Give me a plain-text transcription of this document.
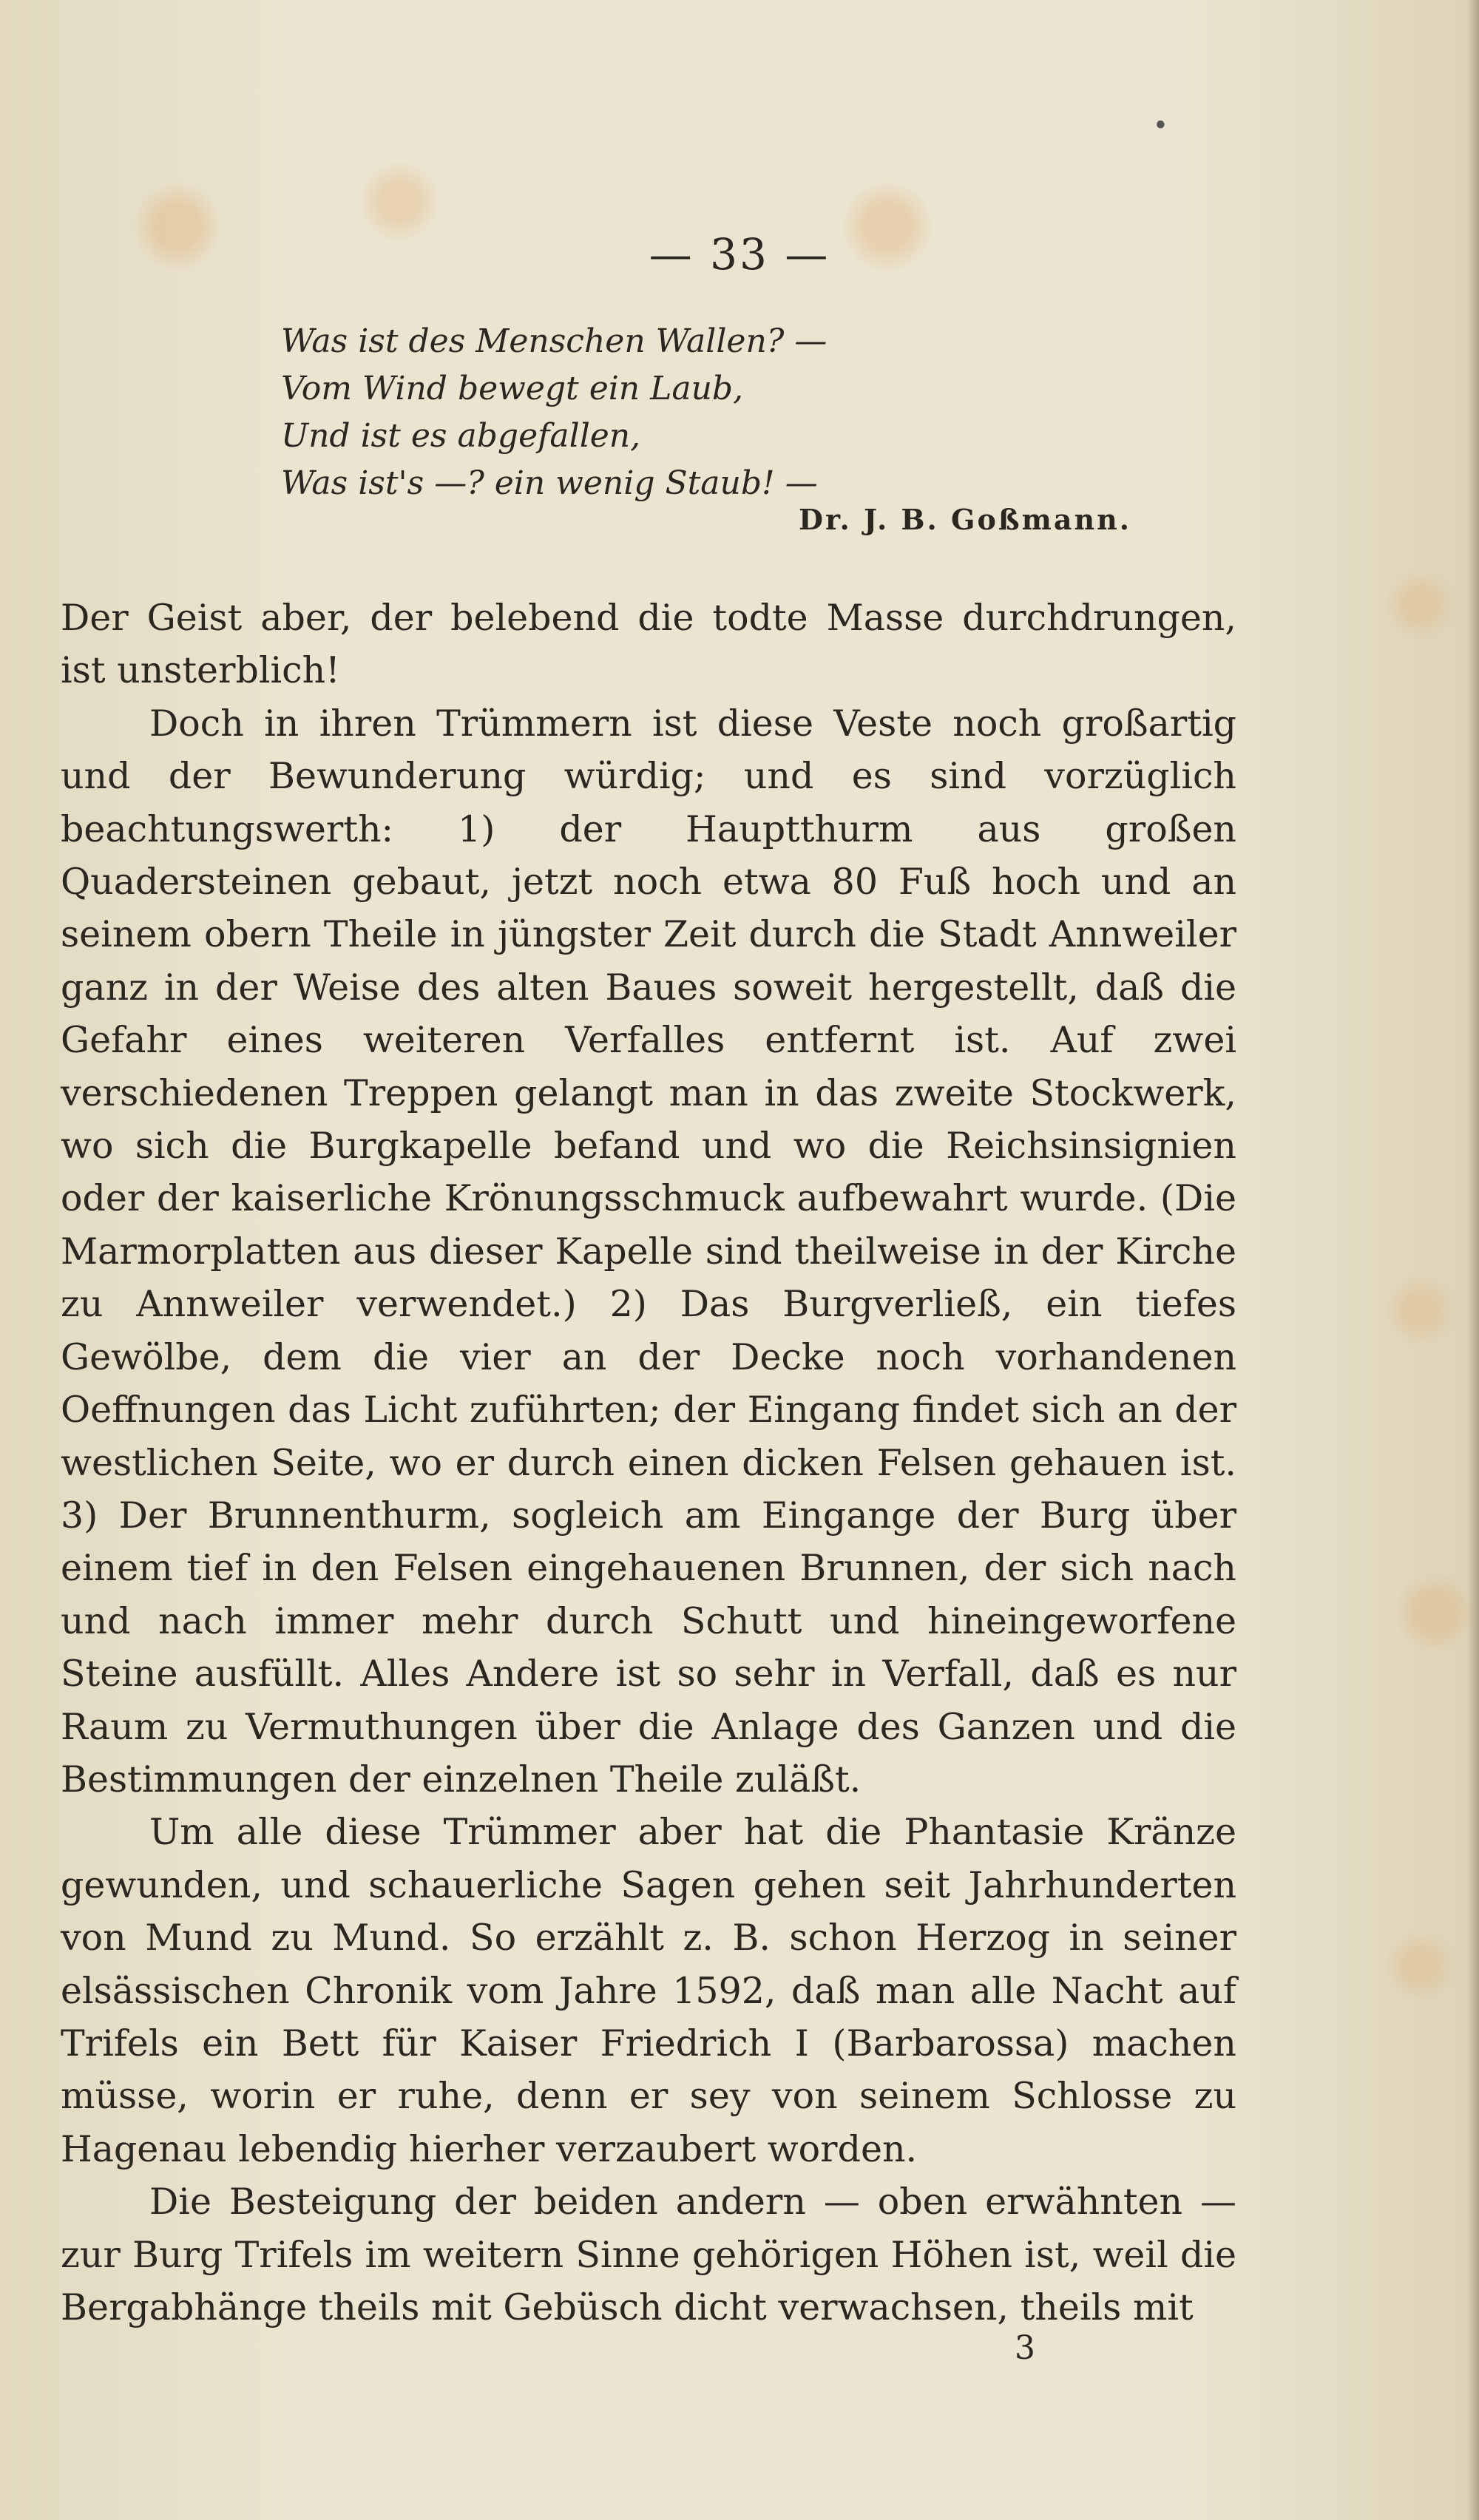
•
— 33 —
Was ist des Menschen Wallen? —
Vom Wind bewegt ein Laub,
Und ist es abgefallen,
Was ist's —? ein wenig Staub! —
Dr. J. B. Goßmann.

Der Geist aber, der belebend die todte Masse durchdrungen, ist unsterblich!

Doch in ihren Trümmern ist diese Veste noch großartig und der Bewunderung würdig; und es sind vorzüglich beachtungswerth: 1) der Hauptthurm aus großen Quadersteinen gebaut, jetzt noch etwa 80 Fuß hoch und an seinem obern Theile in jüngster Zeit durch die Stadt Annweiler ganz in der Weise des alten Baues soweit hergestellt, daß die Gefahr eines weiteren Verfalles entfernt ist. Auf zwei verschiedenen Treppen gelangt man in das zweite Stockwerk, wo sich die Burgkapelle befand und wo die Reichsinsignien oder der kaiserliche Krönungsschmuck aufbewahrt wurde. (Die Marmorplatten aus dieser Kapelle sind theilweise in der Kirche zu Annweiler verwendet.) 2) Das Burgverließ, ein tiefes Gewölbe, dem die vier an der Decke noch vorhandenen Oeffnungen das Licht zuführten; der Eingang findet sich an der westlichen Seite, wo er durch einen dicken Felsen gehauen ist. 3) Der Brunnenthurm, sogleich am Eingange der Burg über einem tief in den Felsen eingehauenen Brunnen, der sich nach und nach immer mehr durch Schutt und hineingeworfene Steine ausfüllt. Alles Andere ist so sehr in Verfall, daß es nur Raum zu Vermuthungen über die Anlage des Ganzen und die Bestimmungen der einzelnen Theile zuläßt.

Um alle diese Trümmer aber hat die Phantasie Kränze gewunden, und schauerliche Sagen gehen seit Jahrhunderten von Mund zu Mund. So erzählt z. B. schon Herzog in seiner elsässischen Chronik vom Jahre 1592, daß man alle Nacht auf Trifels ein Bett für Kaiser Friedrich I (Barbarossa) machen müsse, worin er ruhe, denn er sey von seinem Schlosse zu Hagenau lebendig hierher verzaubert worden.

Die Besteigung der beiden andern — oben erwähnten — zur Burg Trifels im weitern Sinne gehörigen Höhen ist, weil die Bergabhänge theils mit Gebüsch dicht verwachsen, theils mit

3
